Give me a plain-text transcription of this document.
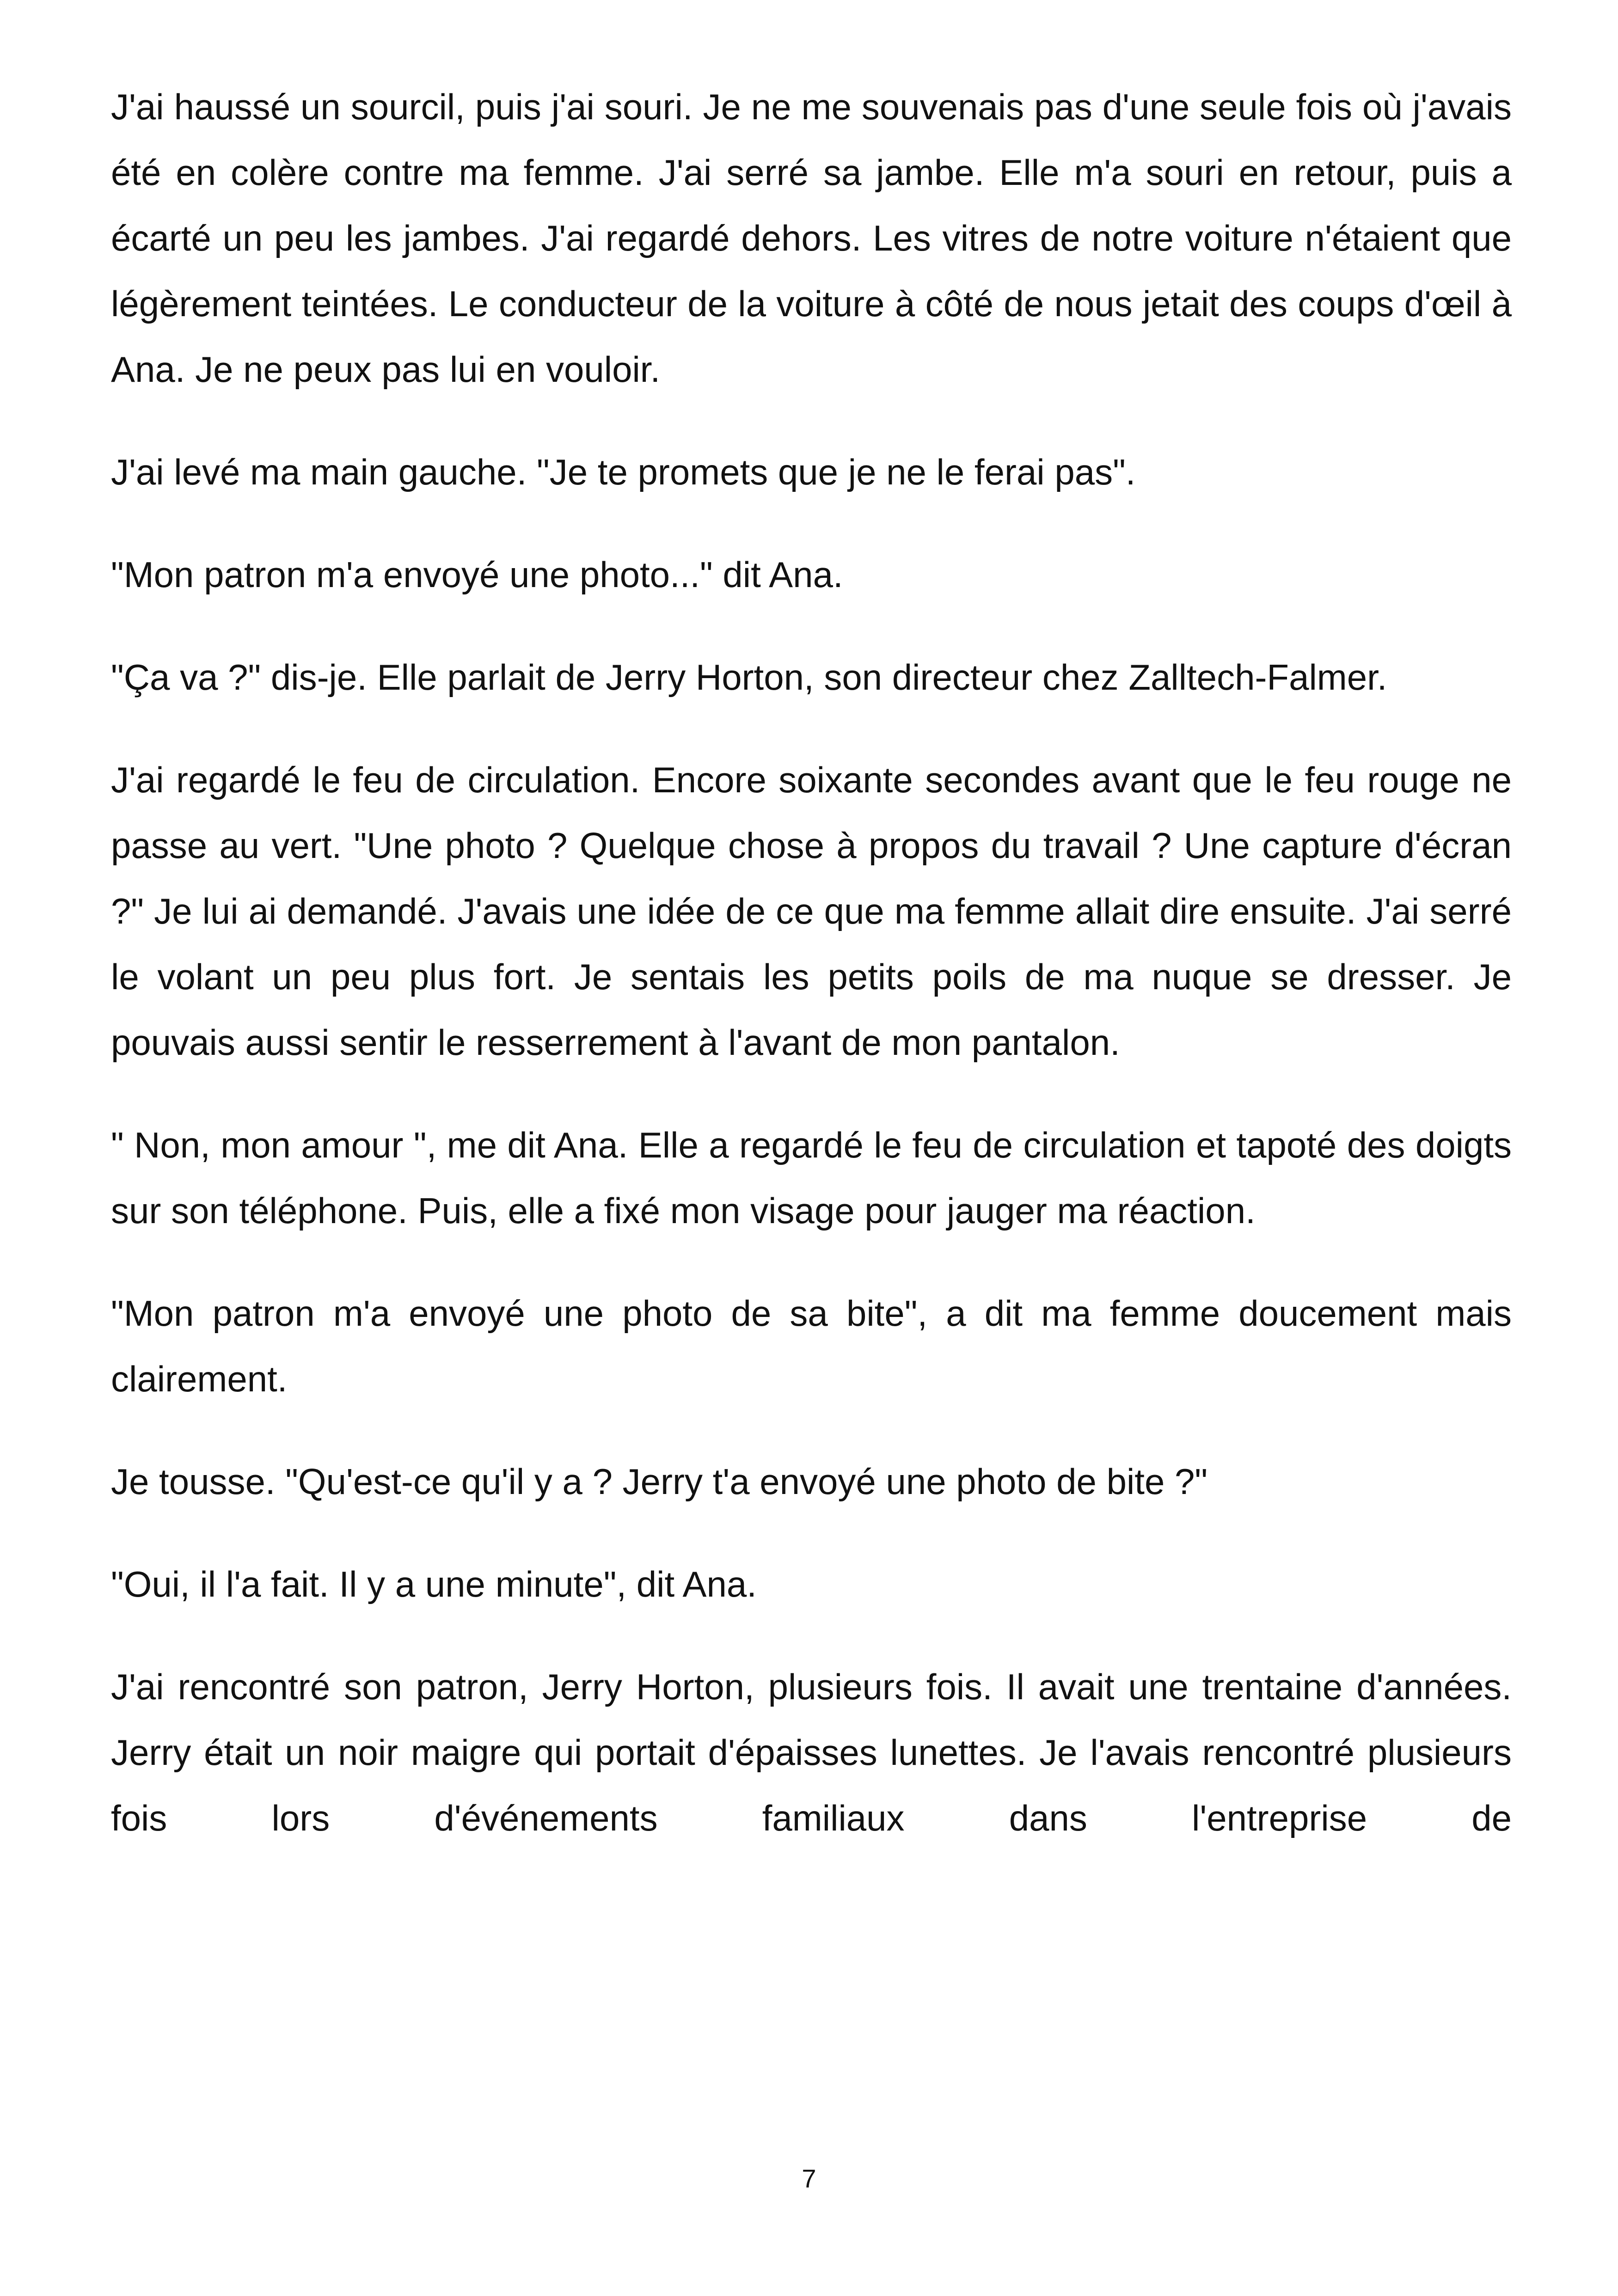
J'ai haussé un sourcil, puis j'ai souri. Je ne me souvenais pas d'une seule fois où j'avais été en colère contre ma femme. J'ai serré sa jambe. Elle m'a souri en retour, puis a écarté un peu les jambes. J'ai regardé dehors. Les vitres de notre voiture n'étaient que légèrement teintées. Le conducteur de la voiture à côté de nous jetait des coups d'œil à Ana. Je ne peux pas lui en vouloir.

J'ai levé ma main gauche. "Je te promets que je ne le ferai pas".

"Mon patron m'a envoyé une photo..." dit Ana.

"Ça va ?" dis-je. Elle parlait de Jerry Horton, son directeur chez Zalltech-Falmer.

J'ai regardé le feu de circulation. Encore soixante secondes avant que le feu rouge ne passe au vert. "Une photo ? Quelque chose à propos du travail ? Une capture d'écran ?" Je lui ai demandé. J'avais une idée de ce que ma femme allait dire ensuite. J'ai serré le volant un peu plus fort. Je sentais les petits poils de ma nuque se dresser. Je pouvais aussi sentir le resserrement à l'avant de mon pantalon.

" Non, mon amour ", me dit Ana. Elle a regardé le feu de circulation et tapoté des doigts sur son téléphone. Puis, elle a fixé mon visage pour jauger ma réaction.

"Mon patron m'a envoyé une photo de sa bite", a dit ma femme doucement mais clairement.

Je tousse. "Qu'est-ce qu'il y a ? Jerry t'a envoyé une photo de bite ?"

"Oui, il l'a fait. Il y a une minute", dit Ana.

J'ai rencontré son patron, Jerry Horton, plusieurs fois. Il avait une trentaine d'années. Jerry était un noir maigre qui portait d'épaisses lunettes. Je l'avais rencontré plusieurs fois lors d'événements familiaux dans l'entreprise de

7
